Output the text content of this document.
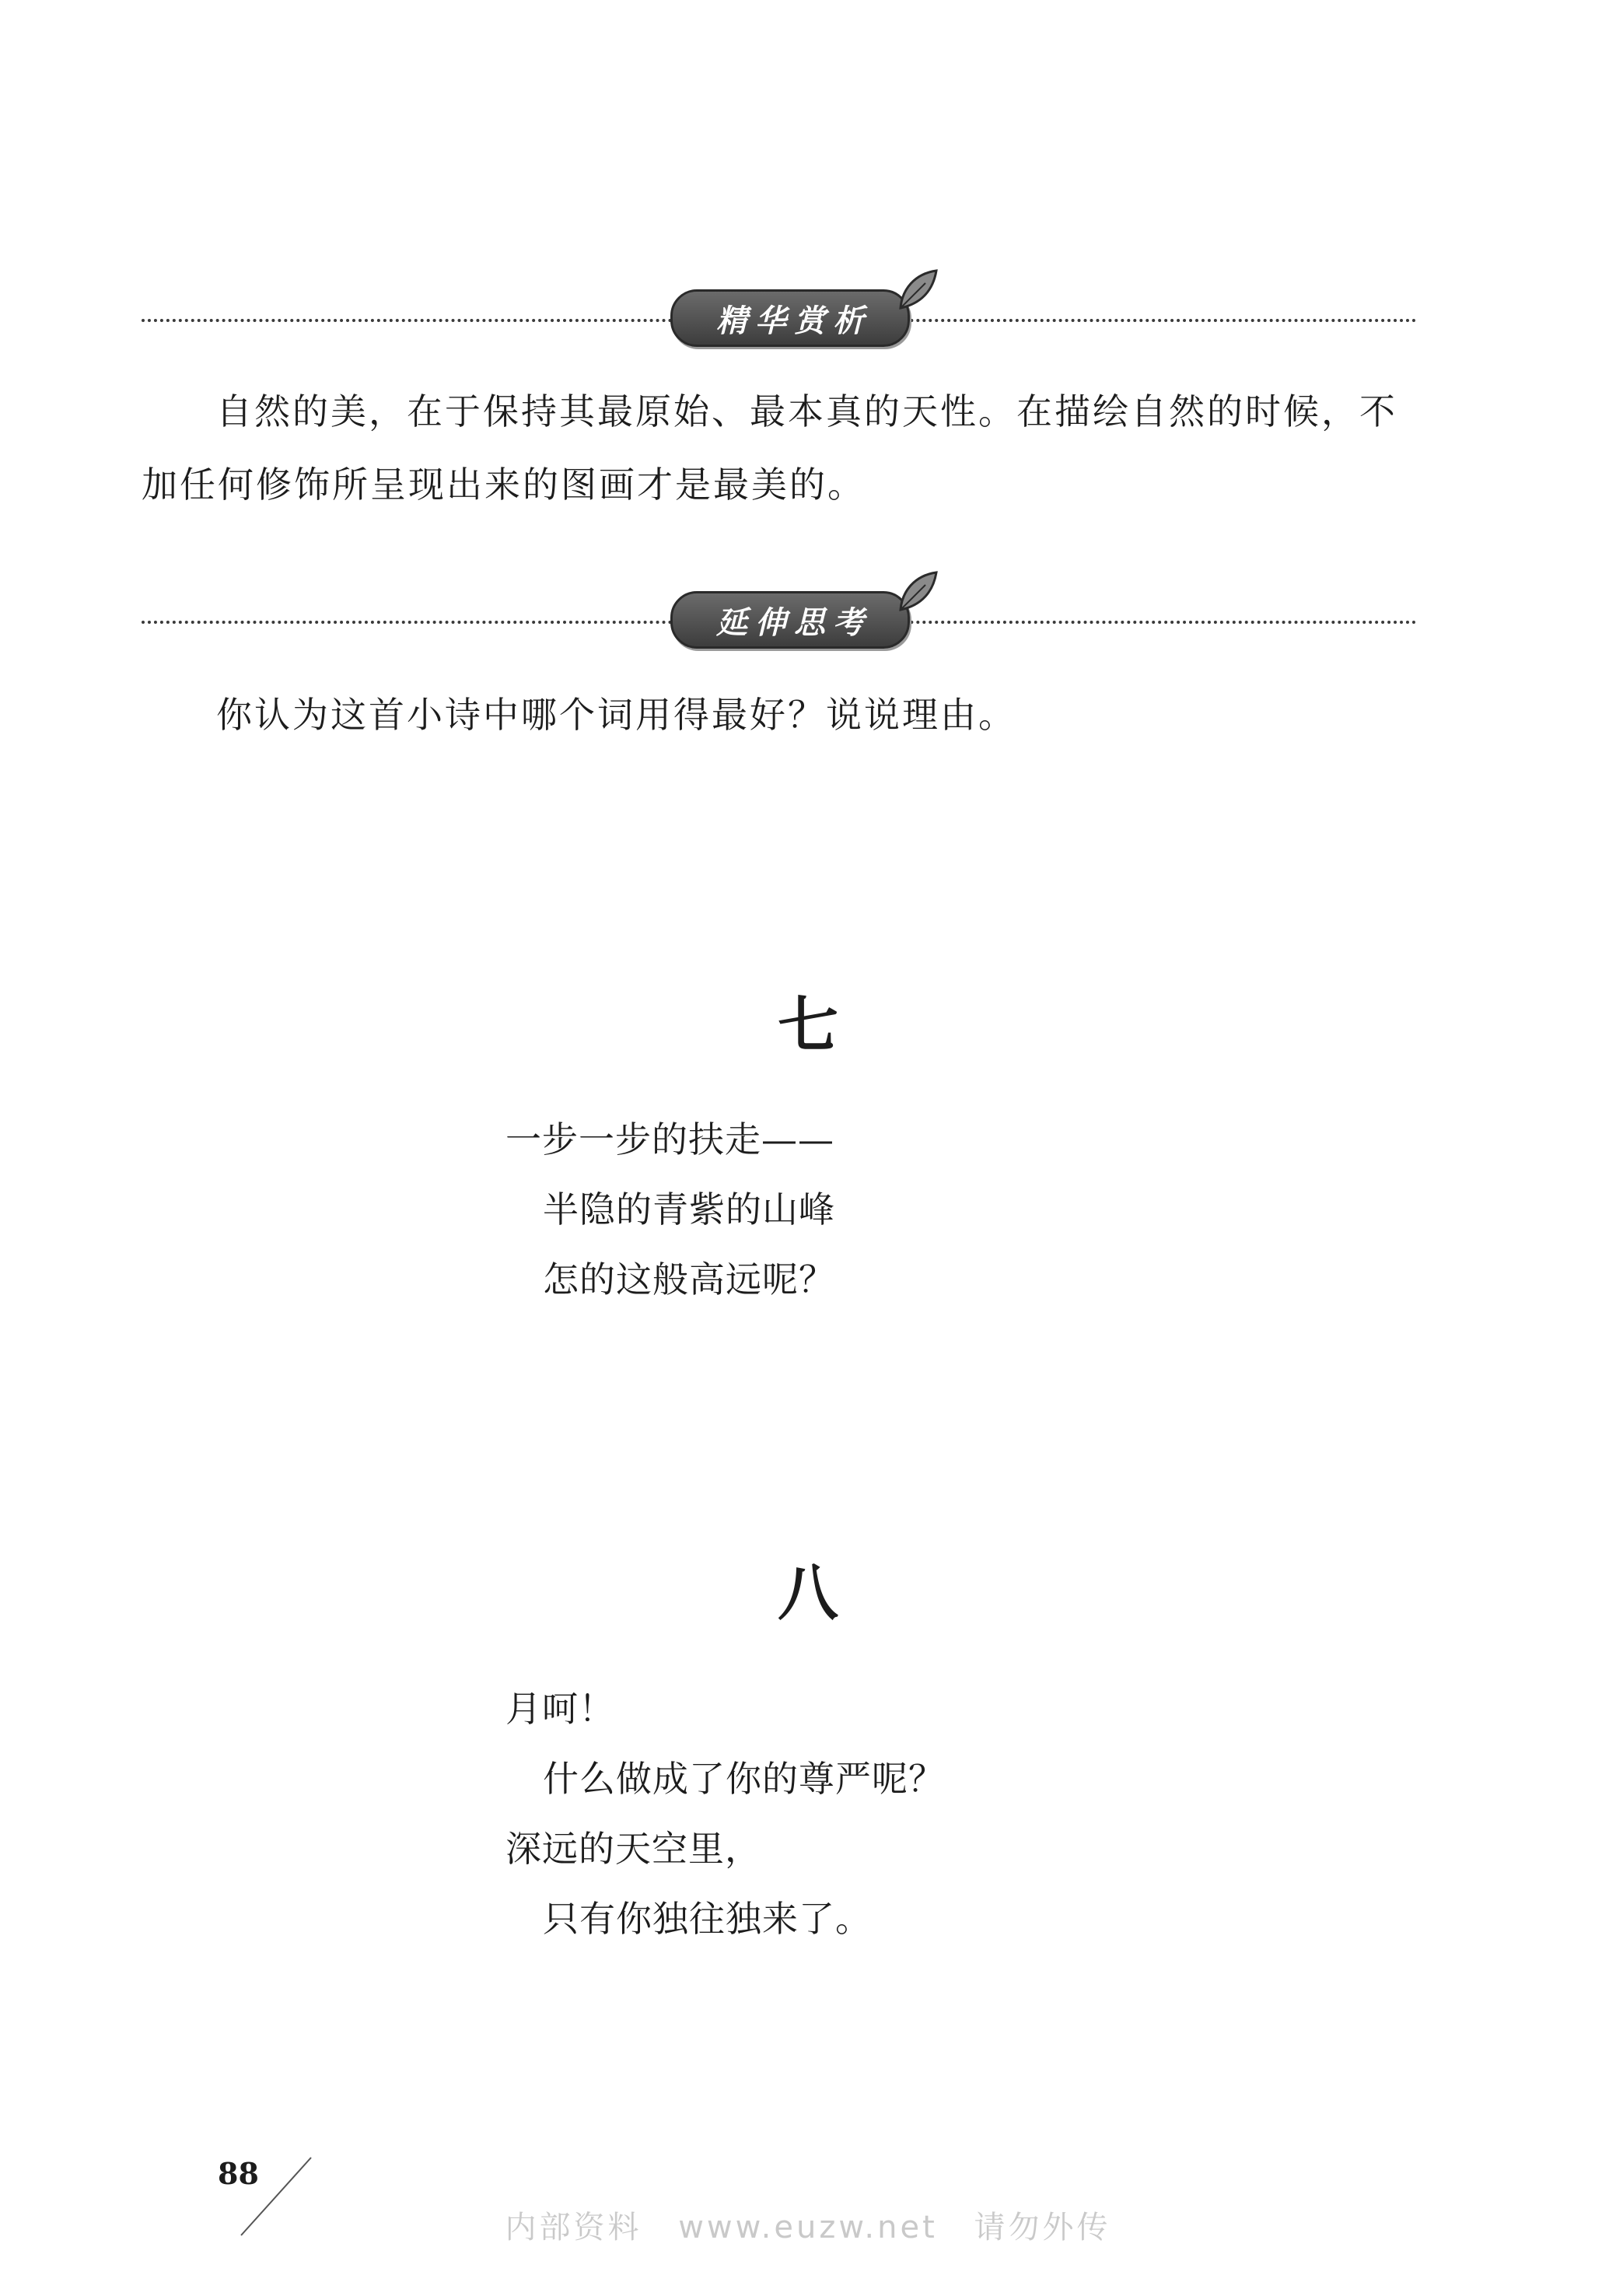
精华赏析

自然的美，在于保持其最原始、最本真的天性。在描绘自然的时候，不加任何修饰所呈现出来的图画才是最美的。

延伸思考

你认为这首小诗中哪个词用得最好？说说理由。

七
一步一步的扶走——
半隐的青紫的山峰
怎的这般高远呢？
八
月呵！
什么做成了你的尊严呢？
深远的天空里，
只有你独往独来了。
88
内部资料 www.euzw.net 请勿外传
